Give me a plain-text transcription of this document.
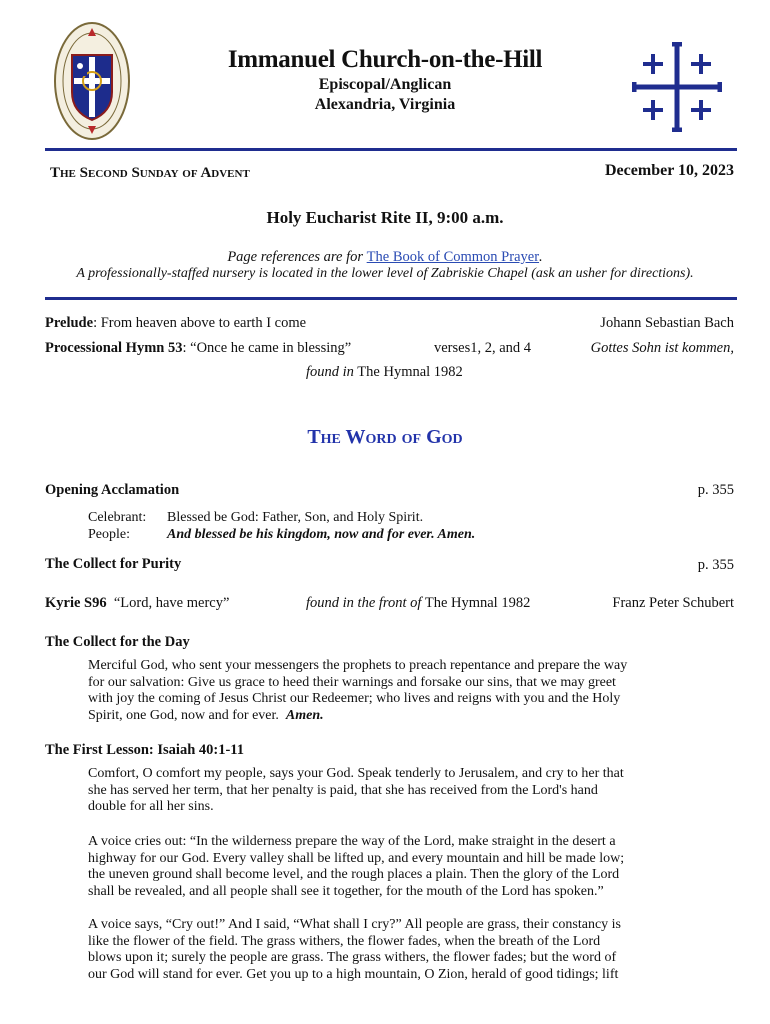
Immanuel Church-on-the-Hill
Episcopal/Anglican
Alexandria, Virginia
The Second Sunday of Advent	December 10, 2023
Holy Eucharist Rite II, 9:00 a.m.
Page references are for The Book of Common Prayer.
A professionally-staffed nursery is located in the lower level of Zabriskie Chapel (ask an usher for directions).
Prelude: From heaven above to earth I come	Johann Sebastian Bach
Processional Hymn 53: “Once he came in blessing”	verses1, 2, and 4	Gottes Sohn ist kommen,
found in The Hymnal 1982
The Word of God
Opening Acclamation	p. 355
Celebrant: Blessed be God: Father, Son, and Holy Spirit.
People:	And blessed be his kingdom, now and for ever. Amen.
The Collect for Purity	p. 355
Kyrie S96 “Lord, have mercy”	found in the front of The Hymnal 1982	Franz Peter Schubert
The Collect for the Day
Merciful God, who sent your messengers the prophets to preach repentance and prepare the way
for our salvation: Give us grace to heed their warnings and forsake our sins, that we may greet
with joy the coming of Jesus Christ our Redeemer; who lives and reigns with you and the Holy
Spirit, one God, now and for ever. Amen.
The First Lesson: Isaiah 40:1-11
Comfort, O comfort my people, says your God. Speak tenderly to Jerusalem, and cry to her that
she has served her term, that her penalty is paid, that she has received from the Lord's hand
double for all her sins.
A voice cries out: “In the wilderness prepare the way of the Lord, make straight in the desert a
highway for our God. Every valley shall be lifted up, and every mountain and hill be made low;
the uneven ground shall become level, and the rough places a plain. Then the glory of the Lord
shall be revealed, and all people shall see it together, for the mouth of the Lord has spoken.”
A voice says, “Cry out!” And I said, “What shall I cry?” All people are grass, their constancy is
like the flower of the field. The grass withers, the flower fades, when the breath of the Lord
blows upon it; surely the people are grass. The grass withers, the flower fades; but the word of
our God will stand for ever. Get you up to a high mountain, O Zion, herald of good tidings; lift
